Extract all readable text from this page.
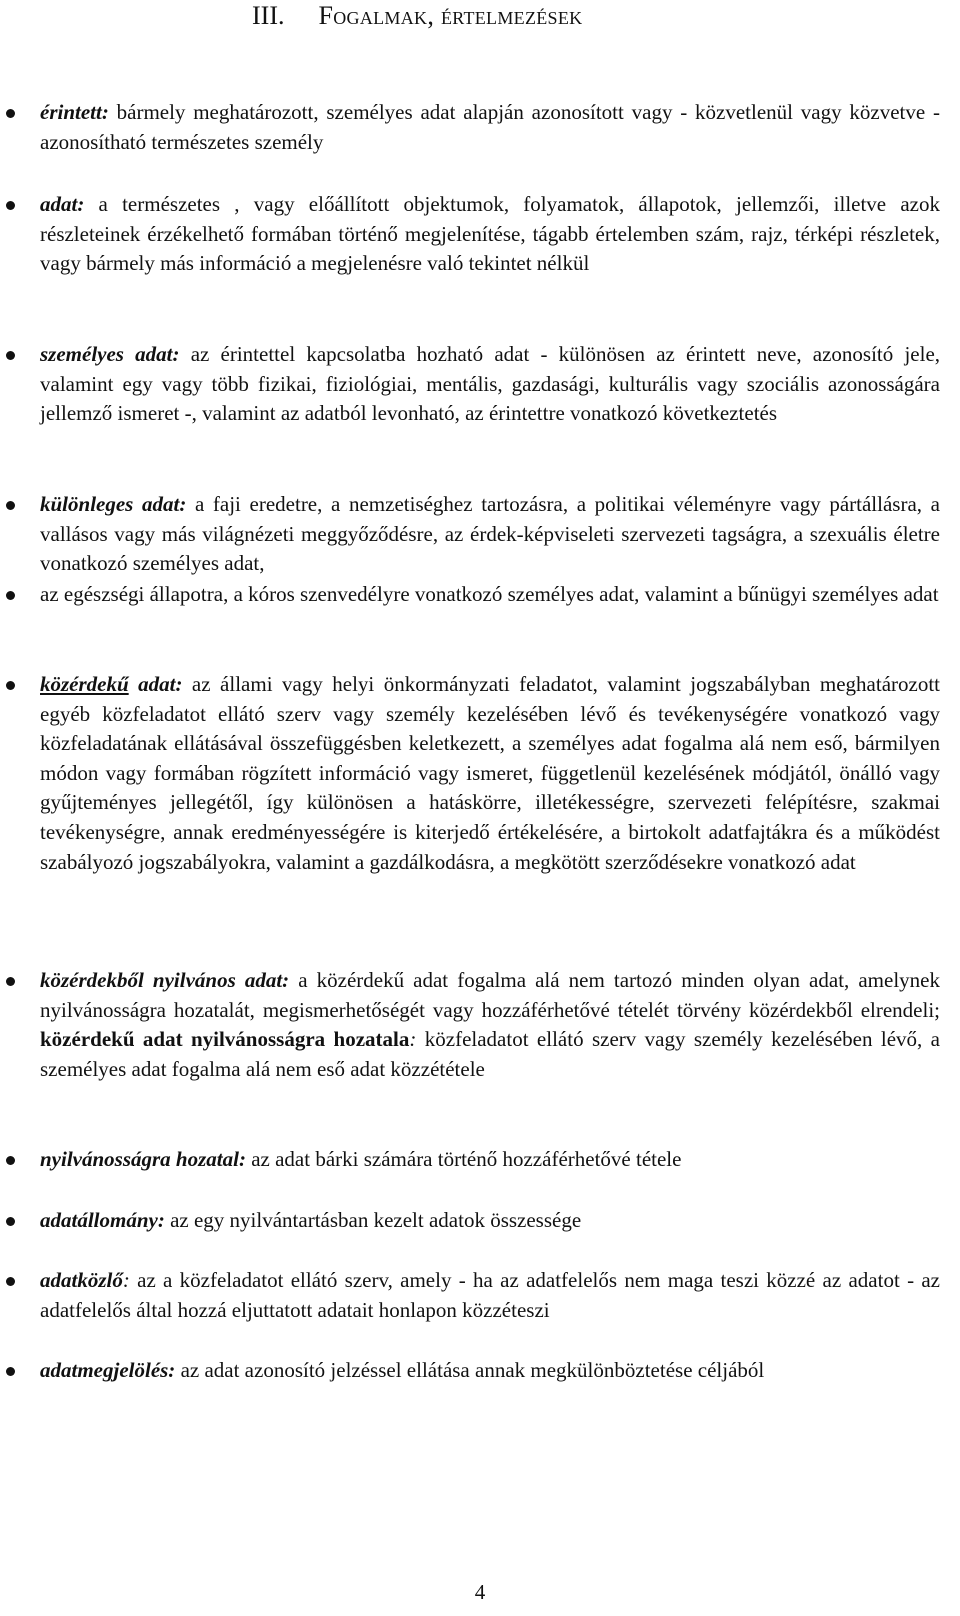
III. Fogalmak, értelmezések
érintett: bármely meghatározott, személyes adat alapján azonosított vagy - közvetlenül vagy közvetve - azonosítható természetes személy
adat: a természetes , vagy előállított objektumok, folyamatok, állapotok, jellemzői, illetve azok részleteinek érzékelhető formában történő megjelenítése, tágabb értelemben szám, rajz, térképi részletek, vagy bármely más információ a megjelenésre való tekintet nélkül
személyes adat: az érintettel kapcsolatba hozható adat - különösen az érintett neve, azonosító jele, valamint egy vagy több fizikai, fiziológiai, mentális, gazdasági, kulturális vagy szociális azonosságára jellemző ismeret -, valamint az adatból levonható, az érintettre vonatkozó következtetés
különleges adat: a faji eredetre, a nemzetiséghez tartozásra, a politikai véleményre vagy pártállásra, a vallásos vagy más világnézeti meggyőződésre, az érdek-képviseleti szervezeti tagságra, a szexuális életre vonatkozó személyes adat,
az egészségi állapotra, a kóros szenvedélyre vonatkozó személyes adat, valamint a bűnügyi személyes adat
közérdekű adat: az állami vagy helyi önkormányzati feladatot, valamint jogszabályban meghatározott egyéb közfeladatot ellátó szerv vagy személy kezelésében lévő és tevékenységére vonatkozó vagy közfeladatának ellátásával összefüggésben keletkezett, a személyes adat fogalma alá nem eső, bármilyen módon vagy formában rögzített információ vagy ismeret, függetlenül kezelésének módjától, önálló vagy gyűjteményes jellegétől, így különösen a hatáskörre, illetékességre, szervezeti felépítésre, szakmai tevékenységre, annak eredményességére is kiterjedő értékelésére, a birtokolt adatfajtákra és a működést szabályozó jogszabályokra, valamint a gazdálkodásra, a megkötött szerződésekre vonatkozó adat
közérdekből nyilvános adat: a közérdekű adat fogalma alá nem tartozó minden olyan adat, amelynek nyilvánosságra hozatalát, megismerhetőségét vagy hozzáférhetővé tételét törvény közérdekből elrendeli; közérdekű adat nyilvánosságra hozatala: közfeladatot ellátó szerv vagy személy kezelésében lévő, a személyes adat fogalma alá nem eső adat közzététele
nyilvánosságra hozatal: az adat bárki számára történő hozzáférhetővé tétele
adatállomány: az egy nyilvántartásban kezelt adatok összessége
adatközlő: az a közfeladatot ellátó szerv, amely - ha az adatfelelős nem maga teszi közzé az adatot - az adatfelelős által hozzá eljuttatott adatait honlapon közzéteszi
adatmegjelölés: az adat azonosító jelzéssel ellátása annak megkülönböztetése céljából
4
